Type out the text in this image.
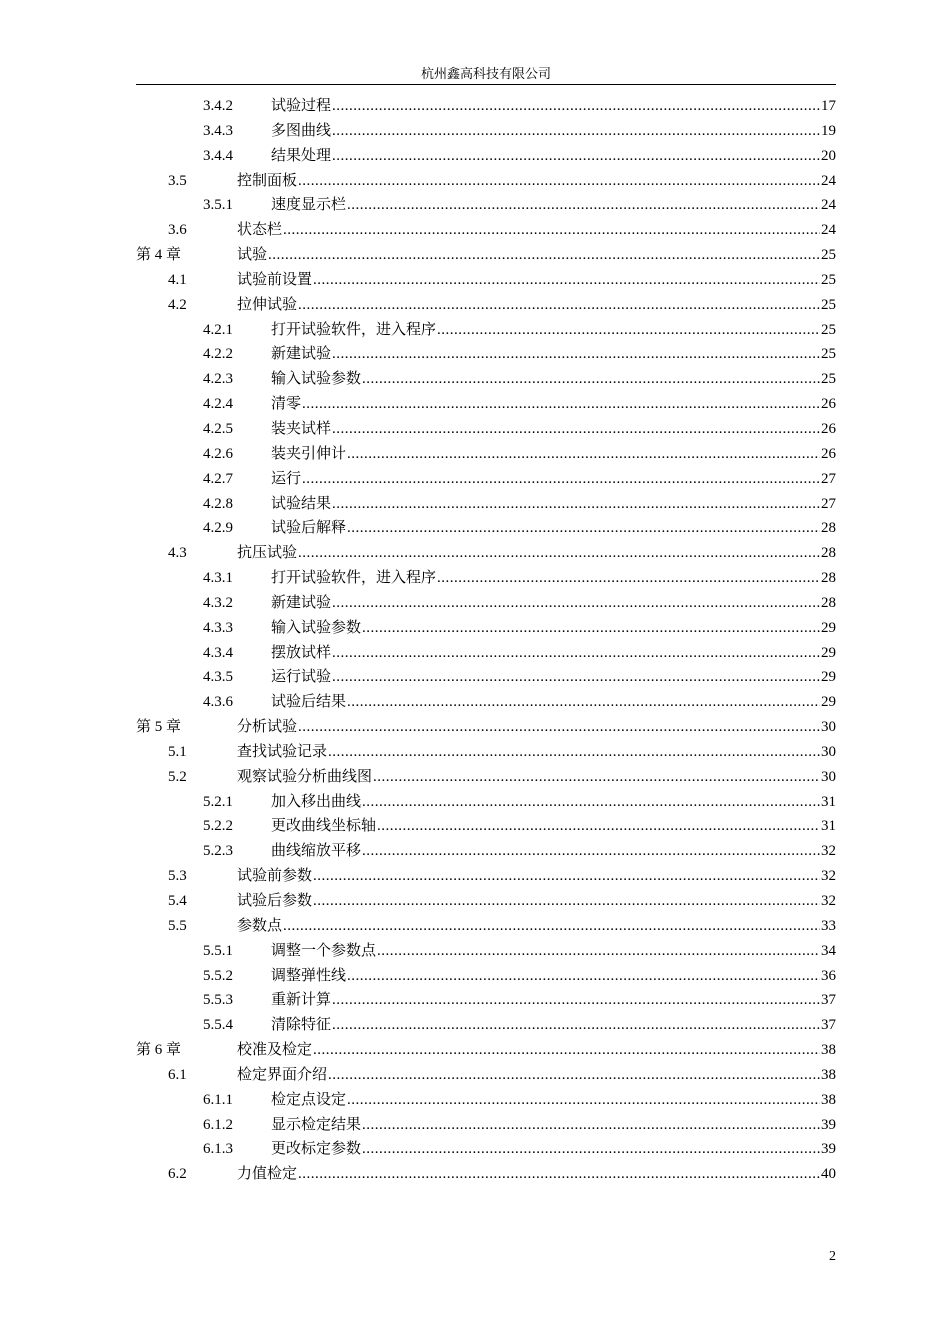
杭州鑫高科技有限公司
3.4.2	试验过程 .....	17
3.4.3	多图曲线 .....	19
3.4.4	结果处理 .....	20
3.5	控制面板 .....	24
3.5.1	速度显示栏 .....	24
3.6	状态栏 .....	24
第 4 章	试验 .....	25
4.1	试验前设置 .....	25
4.2	拉伸试验 .....	25
4.2.1	打开试验软件，进入程序 .....	25
4.2.2	新建试验 .....	25
4.2.3	输入试验参数 .....	25
4.2.4	清零 .....	26
4.2.5	装夹试样 .....	26
4.2.6	装夹引伸计 .....	26
4.2.7	运行 .....	27
4.2.8	试验结果 .....	27
4.2.9	试验后解释 .....	28
4.3	抗压试验 .....	28
4.3.1	打开试验软件，进入程序 .....	28
4.3.2	新建试验 .....	28
4.3.3	输入试验参数 .....	29
4.3.4	摆放试样 .....	29
4.3.5	运行试验 .....	29
4.3.6	试验后结果 .....	29
第 5 章	分析试验 .....	30
5.1	查找试验记录 .....	30
5.2	观察试验分析曲线图 .....	30
5.2.1	加入移出曲线 .....	31
5.2.2	更改曲线坐标轴 .....	31
5.2.3	曲线缩放平移 .....	32
5.3	试验前参数 .....	32
5.4	试验后参数 .....	32
5.5	参数点 .....	33
5.5.1	调整一个参数点 .....	34
5.5.2	调整弹性线 .....	36
5.5.3	重新计算 .....	37
5.5.4	清除特征 .....	37
第 6 章	校准及检定 .....	38
6.1	检定界面介绍 .....	38
6.1.1	检定点设定 .....	38
6.1.2	显示检定结果 .....	39
6.1.3	更改标定参数 .....	39
6.2	力值检定 .....	40
2
